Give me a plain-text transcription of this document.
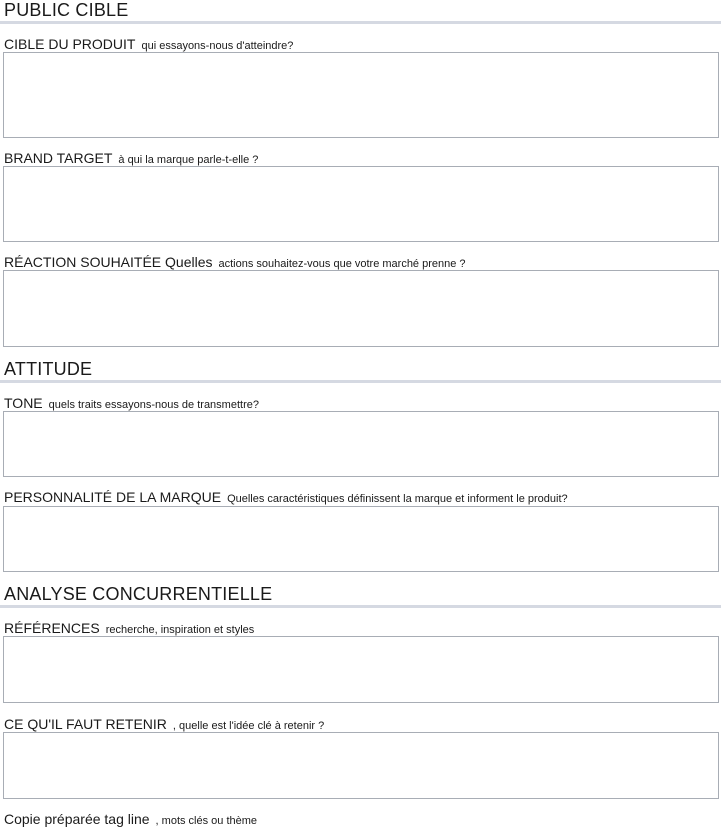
PUBLIC CIBLE
CIBLE DU PRODUIT qui essayons-nous d'atteindre?
BRAND TARGET à qui la marque parle-t-elle ?
RÉACTION SOUHAITÉE Quelles actions souhaitez-vous que votre marché prenne ?
ATTITUDE
TONE quels traits essayons-nous de transmettre?
PERSONNALITÉ DE LA MARQUE Quelles caractéristiques définissent la marque et informent le produit?
ANALYSE CONCURRENTIELLE
RÉFÉRENCES recherche, inspiration et styles
CE QU'IL FAUT RETENIR , quelle est l'idée clé à retenir ?
Copie préparée tag line , mots clés ou thème
